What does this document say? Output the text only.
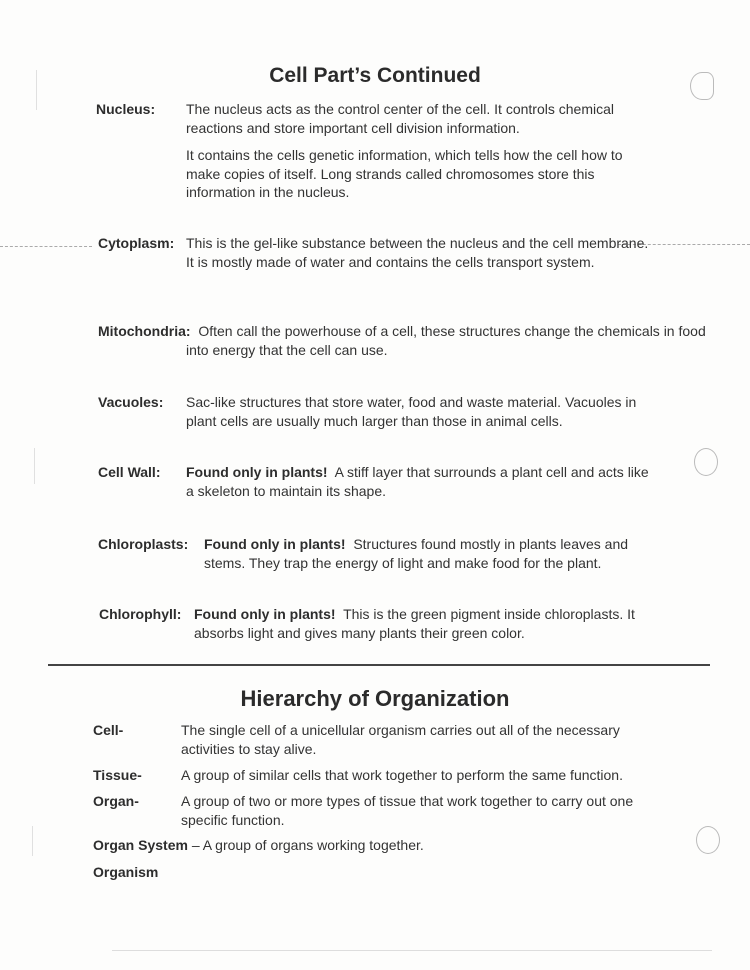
Cell Part’s Continued
Nucleus: The nucleus acts as the control center of the cell. It controls chemical reactions and store important cell division information.
It contains the cells genetic information, which tells how the cell how to make copies of itself. Long strands called chromosomes store this information in the nucleus.
Cytoplasm: This is the gel-like substance between the nucleus and the cell membrane. It is mostly made of water and contains the cells transport system.
Mitochondria: Often call the powerhouse of a cell, these structures change the chemicals in food into energy that the cell can use.
Vacuoles: Sac-like structures that store water, food and waste material. Vacuoles in plant cells are usually much larger than those in animal cells.
Cell Wall: Found only in plants! A stiff layer that surrounds a plant cell and acts like a skeleton to maintain its shape.
Chloroplasts: Found only in plants! Structures found mostly in plants leaves and stems. They trap the energy of light and make food for the plant.
Chlorophyll: Found only in plants! This is the green pigment inside chloroplasts. It absorbs light and gives many plants their green color.
Hierarchy of Organization
Cell-	The single cell of a unicellular organism carries out all of the necessary activities to stay alive.
Tissue-	A group of similar cells that work together to perform the same function.
Organ-	A group of two or more types of tissue that work together to carry out one specific function.
Organ System – A group of organs working together.
Organism
